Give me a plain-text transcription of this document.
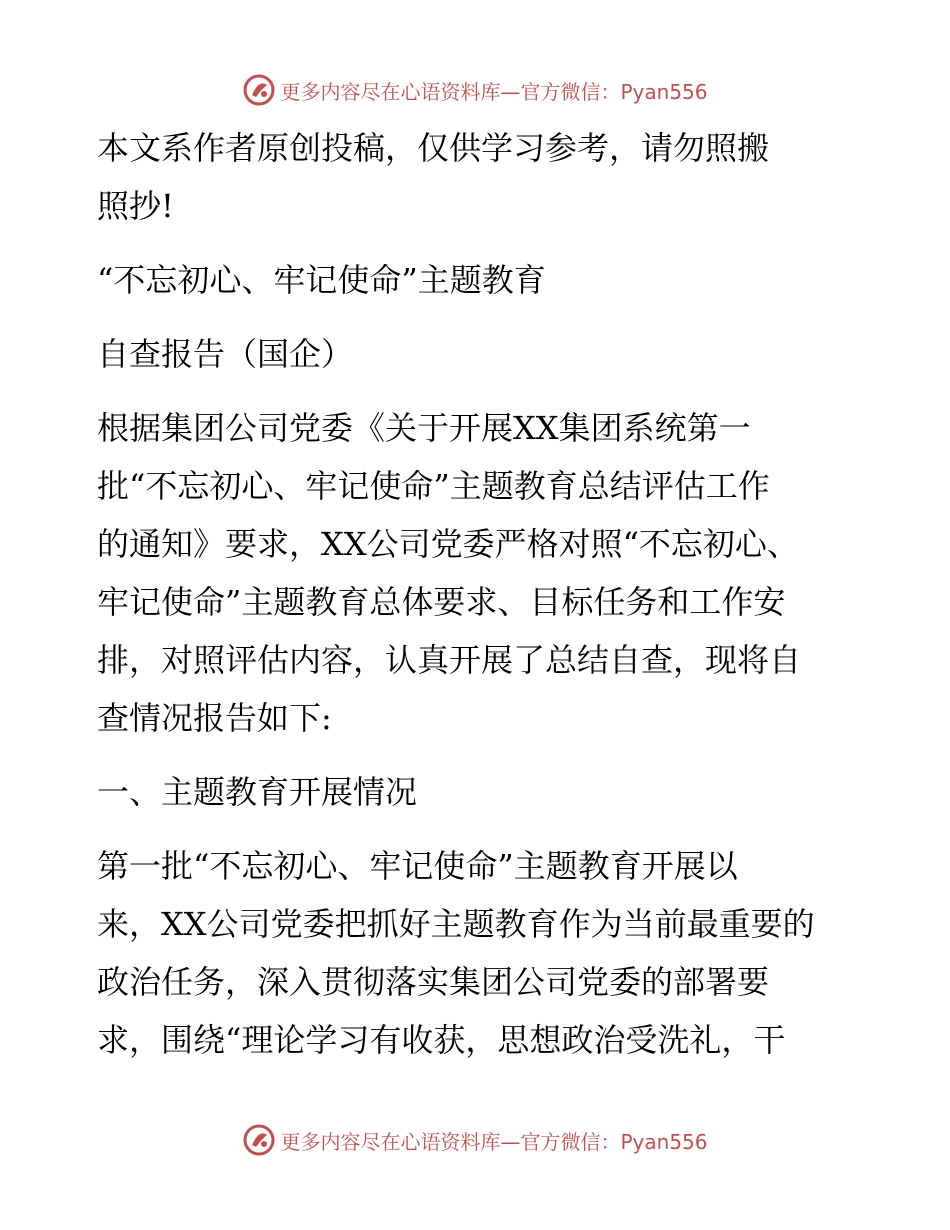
更多内容尽在心语资料库—官方微信：Pyan556
本文系作者原创投稿，仅供学习参考，请勿照搬
照抄!
“不忘初心、牢记使命”主题教育
自查报告（国企）
根据集团公司党委《关于开展XX集团系统第一
批“不忘初心、牢记使命”主题教育总结评估工作
的通知》要求，XX公司党委严格对照“不忘初心、
牢记使命”主题教育总体要求、目标任务和工作安
排，对照评估内容，认真开展了总结自查，现将自
查情况报告如下:
一、主题教育开展情况
第一批“不忘初心、牢记使命”主题教育开展以
来，XX公司党委把抓好主题教育作为当前最重要的
政治任务，深入贯彻落实集团公司党委的部署要
求，围绕“理论学习有收获，思想政治受洗礼，干
更多内容尽在心语资料库—官方微信：Pyan556
